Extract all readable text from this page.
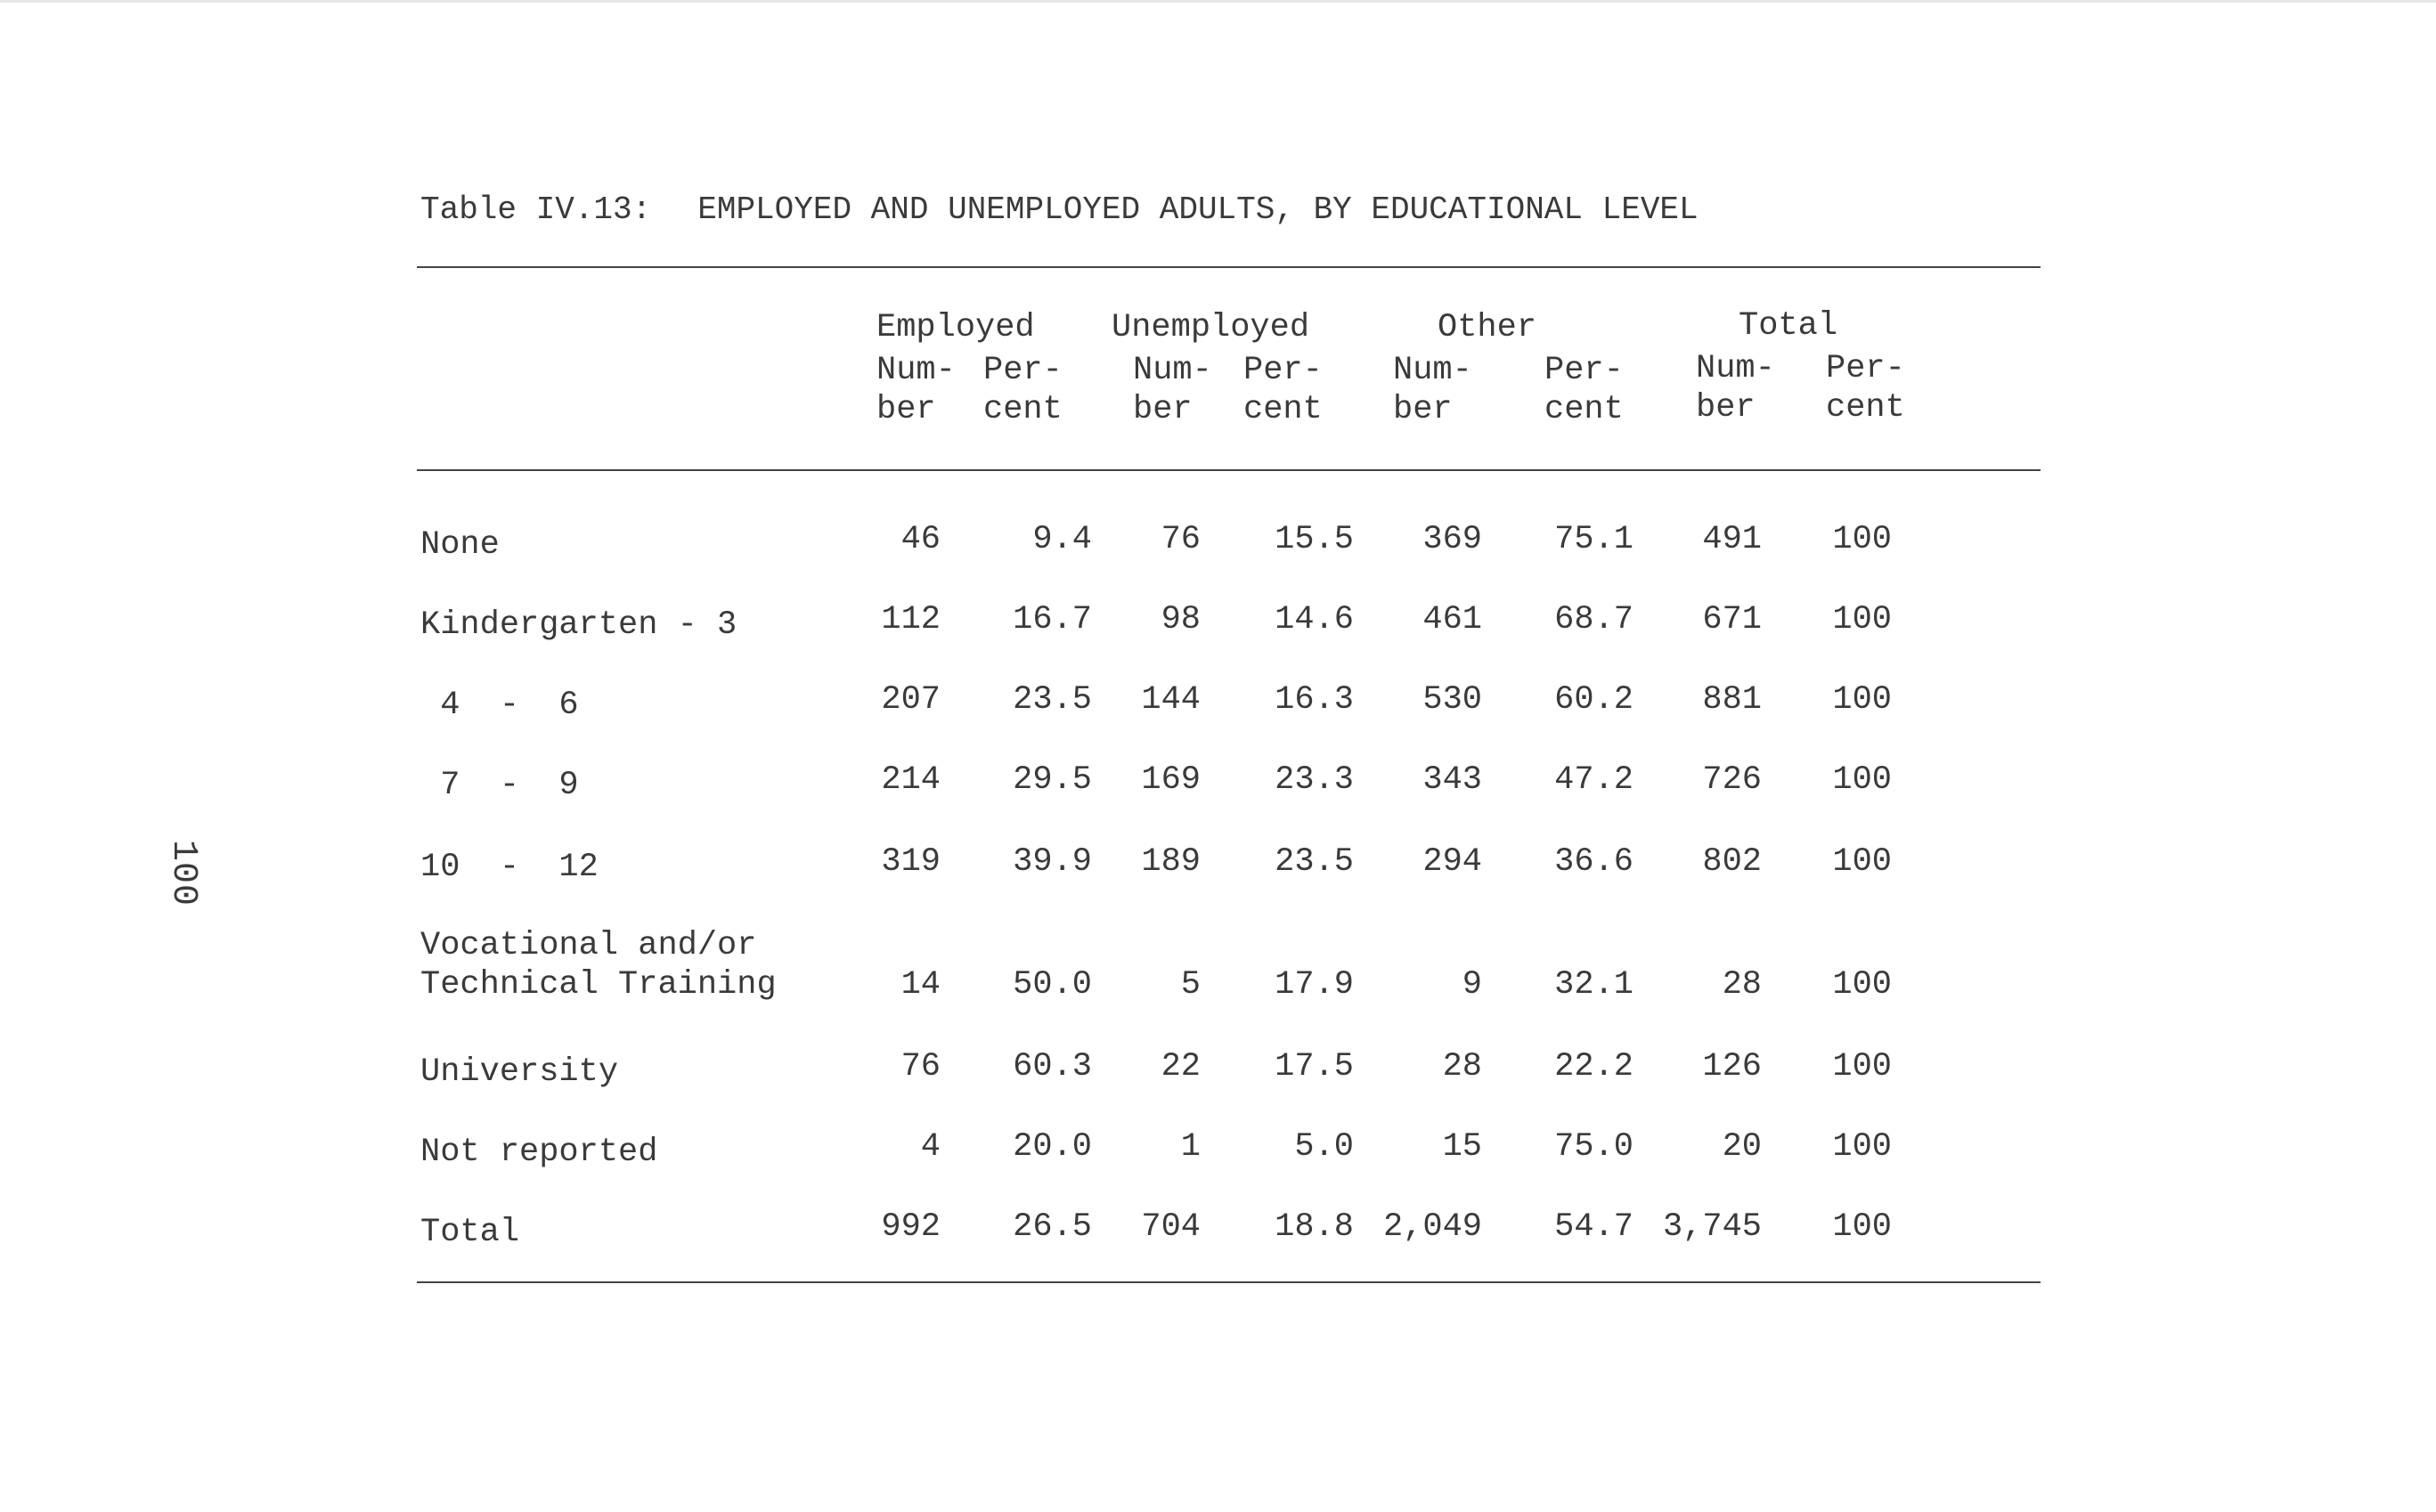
100
Table IV.13: EMPLOYED AND UNEMPLOYED ADULTS, BY EDUCATIONAL LEVEL
Employed Unemployed	Other	Total
Num- Per- Num- Per- Num- Per- Num- Per-
ber cent ber cent ber	cent ber cent
None	46	9.4 76 15.5 369 75.1 491 100
Kindergarten - 3	112 16.7 98 14.6 461 68.7 671 100
4  -  6	207 23.5 144 16.3 530 60.2 881 100
7  -  9	214 29.5 169 23.3 343 47.2 726 100
10  -  12	319 39.9 189 23.5 294 36.6 802 100
Vocational and/or
Technical Training	14 50.0	5 17.9	9 32.1	28 100
University	76 60.3 22 17.5	28 22.2 126 100
Not reported	4 20.0	1	5.0	15 75.0	20 100
Total	992 26.5 704 18.8 2,049 54.7 3,745 100
